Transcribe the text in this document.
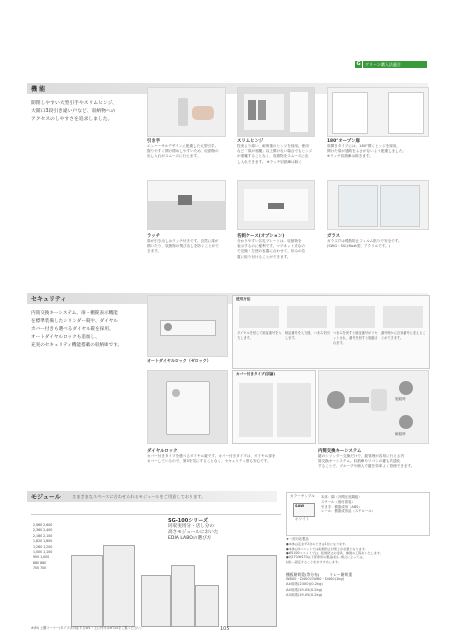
G	グリーン購入法適合
機 能
開閉しやすい大型引手やスリムヒンジ、
大開口3段引き違い戸など、収納物への
アクセスのしやすさを追求しました。
引き手
エンハーサルデザインに配慮した大型引手。
握りやすく開け閉めしやすいため、収納物の
出し入れがスムーズに行えます。
スリムヒンジ
従来より薄い、耐荷重のヒンジを採用。使用
など「扉が邪魔」以上開けない場合でもヒンジ
が邪魔することなく、収納物をスムーズに出
し入れできます。 ※ラッチ収納庫は除く
180°オープン扉
扉開きタイプには、180°開くヒンジを採用。
開けた扉が通路をふさがないよう配慮しました。
※ラッチ収納庫は除きます。
ラッチ
扉が引き出しはラッチ付きです。自然に扉が
開いたり、収納物の飛び出しを防ぐことがで
きます。
名刺ケース(オプション)
分かりやすい名札プレートは、収納物を
表示するのに便利です。マグネット式なの
で完備・左使の容器に合わせて、好みの位
置に取り付けることができます。
ガラス
ガラス戸は飛散防止フィルム貼りで安全です。
(SWG・SSはfloat型、アクリルです。)
セキュリティ
内筒交換キーシステム、扉・棚錠表示機能
を標準装備したシリンダー錠や、ダイヤル
カバー付きも選べるダイヤル錠を採用。
オートダイヤルロックも追加し、
充実のセキュリティ機能搭載の収納庫です。
オートダイヤルロック（ゼロック）
使用方法
ダイヤルを回して暗証番号を入力します。
暗証番号を入力後、つまみを回します。
つまみを戻すと暗証番号がリセットされ、番号を回すと施錠されます。
番号時から自身番号に変えることができます。
カバー付きタイプ(別論)
施錠時
解錠時
ダイヤルロック
カバー付きタイプを選べるダイヤル錠です。カバー付きタイプは、ダイヤル部を
カバーしているので、第3を気にすることなく、セキュリティ度も安心です。
内筒交換キーシステム
鍵のシリンダー交換だけで、錠管理が容易に行える内
筒交換キーシステム。収納庫やワゴンの鍵も共通化
することで、グループや個人で鍵を効率よく管理できます。
モジュール	さまざまなスペースに合わせられるモジュールをご用意しております。
2,960 2,600
2,360 2,400
2,160 2,100
1,820 1,800
1,260 1,200
1,000 1,100
900 1,000
880 880
700 700
SG-100シリーズ
同収実用分・店し分の
高さモジュールにおいた
EDIA LABOの選び方
※(M) 上棚コーナー/タイプは対応するW1・上に付けはHT25をご覧ください。
カラーサンプル
SAW
ホワイト
本体：鋼（冷間圧延鋼板）
スチール（焼付塗装）
引き手：樹脂成形（ABS）
レール：樹脂成形品（スチロール）
★一部対応製品
●本体は定まず2台のときは1台になります。
●本体は4ユニットでは転倒防止対策上が必要となります。
●W1000ユニットでは、転倒防止の金具、補強の工程をいたします。
●同1T0/W1T0は下部専用の製品(前)…場合によっては、
(前)…固定することをおすすめします。
棚板耐荷重(等分布)	トレー耐荷重
W800・D400のW80・D400(1kg)
A4用紙(2300)(0.2kg)
A4用紙/19.05(0.2kg)
A3用紙/19.05(0.2kg)
105
